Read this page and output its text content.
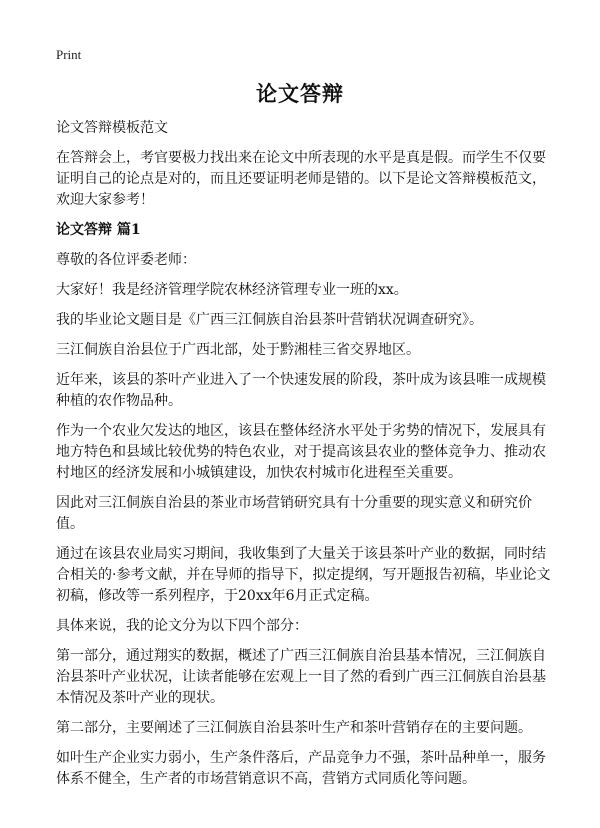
Print
论文答辩

论文答辩模板范文

在答辩会上，考官要极力找出来在论文中所表现的水平是真是假。而学生不仅要证明自己的论点是对的，而且还要证明老师是错的。以下是论文答辩模板范文，欢迎大家参考！

论文答辩 篇1

尊敬的各位评委老师：

大家好！我是经济管理学院农林经济管理专业一班的xx。

我的毕业论文题目是《广西三江侗族自治县茶叶营销状况调查研究》。

三江侗族自治县位于广西北部，处于黔湘桂三省交界地区。

近年来，该县的茶叶产业进入了一个快速发展的阶段，茶叶成为该县唯一成规模种植的农作物品种。

作为一个农业欠发达的地区，该县在整体经济水平处于劣势的情况下，发展具有地方特色和县域比较优势的特色农业，对于提高该县农业的整体竞争力、推动农村地区的经济发展和小城镇建设，加快农村城市化进程至关重要。

因此对三江侗族自治县的茶业市场营销研究具有十分重要的现实意义和研究价值。

通过在该县农业局实习期间，我收集到了大量关于该县茶叶产业的数据，同时结合相关的·参考文献，并在导师的指导下，拟定提纲，写开题报告初稿，毕业论文初稿，修改等一系列程序，于20xx年6月正式定稿。

具体来说，我的论文分为以下四个部分：

第一部分，通过翔实的数据，概述了广西三江侗族自治县基本情况，三江侗族自治县茶叶产业状况，让读者能够在宏观上一目了然的看到广西三江侗族自治县基本情况及茶叶产业的现状。

第二部分，主要阐述了三江侗族自治县茶叶生产和茶叶营销存在的主要问题。

如叶生产企业实力弱小，生产条件落后，产品竞争力不强，茶叶品种单一，服务体系不健全，生产者的市场营销意识不高，营销方式同质化等问题。
